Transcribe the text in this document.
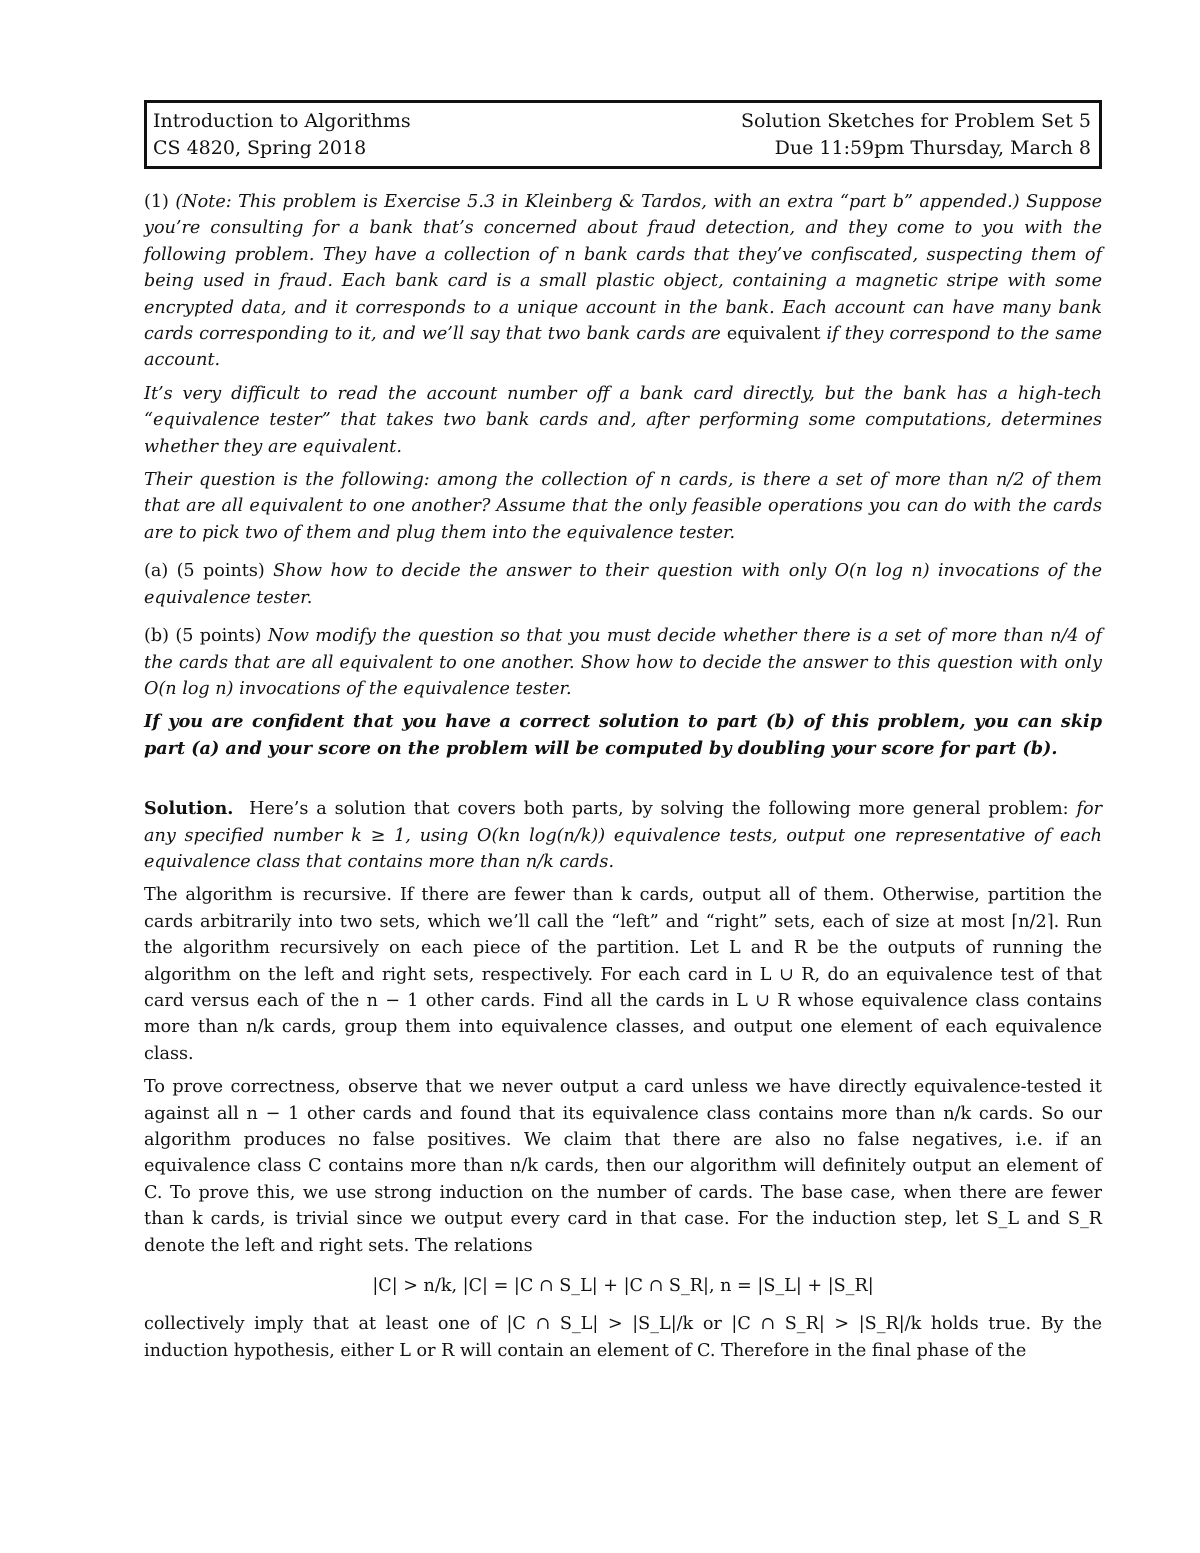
Introduction to Algorithms	Solution Sketches for Problem Set 5
CS 4820, Spring 2018	Due 11:59pm Thursday, March 8

(1) (Note: This problem is Exercise 5.3 in Kleinberg & Tardos, with an extra “part b” appended.) Suppose you’re consulting for a bank that’s concerned about fraud detection, and they come to you with the following problem. They have a collection of n bank cards that they’ve confiscated, suspecting them of being used in fraud. Each bank card is a small plastic object, containing a magnetic stripe with some encrypted data, and it corresponds to a unique account in the bank. Each account can have many bank cards corresponding to it, and we’ll say that two bank cards are equivalent if they correspond to the same account.

It’s very difficult to read the account number off a bank card directly, but the bank has a high-tech “equivalence tester” that takes two bank cards and, after performing some computations, determines whether they are equivalent.

Their question is the following: among the collection of n cards, is there a set of more than n/2 of them that are all equivalent to one another? Assume that the only feasible operations you can do with the cards are to pick two of them and plug them into the equivalence tester.

(a) (5 points) Show how to decide the answer to their question with only O(n log n) invocations of the equivalence tester.

(b) (5 points) Now modify the question so that you must decide whether there is a set of more than n/4 of the cards that are all equivalent to one another. Show how to decide the answer to this question with only O(n log n) invocations of the equivalence tester.

If you are confident that you have a correct solution to part (b) of this problem, you can skip part (a) and your score on the problem will be computed by doubling your score for part (b).

Solution. Here’s a solution that covers both parts, by solving the following more general problem: for any specified number k ≥ 1, using O(kn log(n/k)) equivalence tests, output one representative of each equivalence class that contains more than n/k cards.

The algorithm is recursive. If there are fewer than k cards, output all of them. Otherwise, partition the cards arbitrarily into two sets, which we’ll call the “left” and “right” sets, each of size at most ⌈n/2⌉. Run the algorithm recursively on each piece of the partition. Let L and R be the outputs of running the algorithm on the left and right sets, respectively. For each card in L ∪ R, do an equivalence test of that card versus each of the n − 1 other cards. Find all the cards in L ∪ R whose equivalence class contains more than n/k cards, group them into equivalence classes, and output one element of each equivalence class.

To prove correctness, observe that we never output a card unless we have directly equivalence-tested it against all n − 1 other cards and found that its equivalence class contains more than n/k cards. So our algorithm produces no false positives. We claim that there are also no false negatives, i.e. if an equivalence class C contains more than n/k cards, then our algorithm will definitely output an element of C. To prove this, we use strong induction on the number of cards. The base case, when there are fewer than k cards, is trivial since we output every card in that case. For the induction step, let S_L and S_R denote the left and right sets. The relations

|C| > n/k, |C| = |C ∩ S_L| + |C ∩ S_R|, n = |S_L| + |S_R|

collectively imply that at least one of |C ∩ S_L| > |S_L|/k or |C ∩ S_R| > |S_R|/k holds true. By the induction hypothesis, either L or R will contain an element of C. Therefore in the final phase of the
